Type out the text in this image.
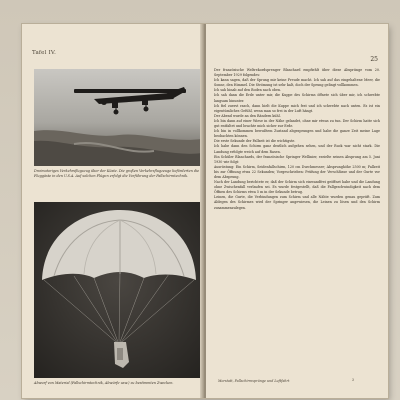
Tafel IV.
Dreimotoriges Verkehrsflugzeug über der Küste. Die großen Verkehrsflugzeuge beförderten die Fluggäste in den U.S.A. Auf solchen Flügen erfolgt die Vorführung der Fallschirmtechnik.
Abwurf von Material (Fallschirmtechnik, Abwürfe usw.) zu bestimmten Zwecken.
25

Der französische Weltrekordsprenger Blanchard empfiehlt über diese Absprünge vom 20. September 1929 folgendes:

Ich kann sagen, daß der Sprung mir keine Freude macht. Ich sah auf das eingehaltene Meer, die Sonne, den Himmel. Die Strömung ist sehr kalt, doch der Sprung gelingt vollkommen.

Ich sah hinab auf den Boden nach oben.

Ich sah dann die Erde unter mir, die Kuppe des Schirms öffnete sich über mir, ich schwebte langsam hinunter.

Ich fiel zuerst rasch, dann hielt die Kuppe mich fest und ich schwebte nach unten. Es ist ein eigentümliches Gefühl, wenn man so frei in der Luft hängt.

Der Abend wurde an den Rändern kühl.

Ich bin dann auf einer Wiese in der Nähe gelandet, ohne mir etwas zu tun. Der Schirm hatte sich gut entfaltet und brachte mich sicher zur Erde.

Ich bin in vollkommen bewußtem Zustand abgesprungen und habe die ganze Zeit meine Lage beobachten können.

Die erste Sekunde der Fallzeit ist die wichtigste.

Ich habe dann den Schirm ganz deutlich aufgehen sehen, und der Ruck war nicht stark. Die Landung erfolgte weich auf dem Rasen.

Ein Schüler Blanchards, der französische Springer Wellinier, erzielte seinen Absprung am 5. Juni 1930 wie folgt:

Ausrüstung: Ein Schirm, Seidenfallschirm, 120 cm Durchmesser; Absprunghöhe 2500 m; Fallzeit bis zur Öffnung etwa 22 Sekunden; Vorgeschrieben: Prüfung der Verschlüsse und der Gurte vor dem Absprung.

Nach der Landung berichtete er, daß der Schirm sich einwandfrei geöffnet habe und die Landung ohne Zwischenfall verlaufen sei. Es wurde festgestellt, daß die Fallgeschwindigkeit nach dem Öffnen des Schirms etwa 5 m in der Sekunde betrug.

Leinen, die Gurte, die Verbindungen zum Schirm und alle Nähte wurden genau geprüft. Zum Ablegen des Schirmes wird der Springer angewiesen, die Leinen zu lösen und den Schirm zusammenzulegen.

Morstatt, Fallschirmsprünge und Luftfahrt	3
